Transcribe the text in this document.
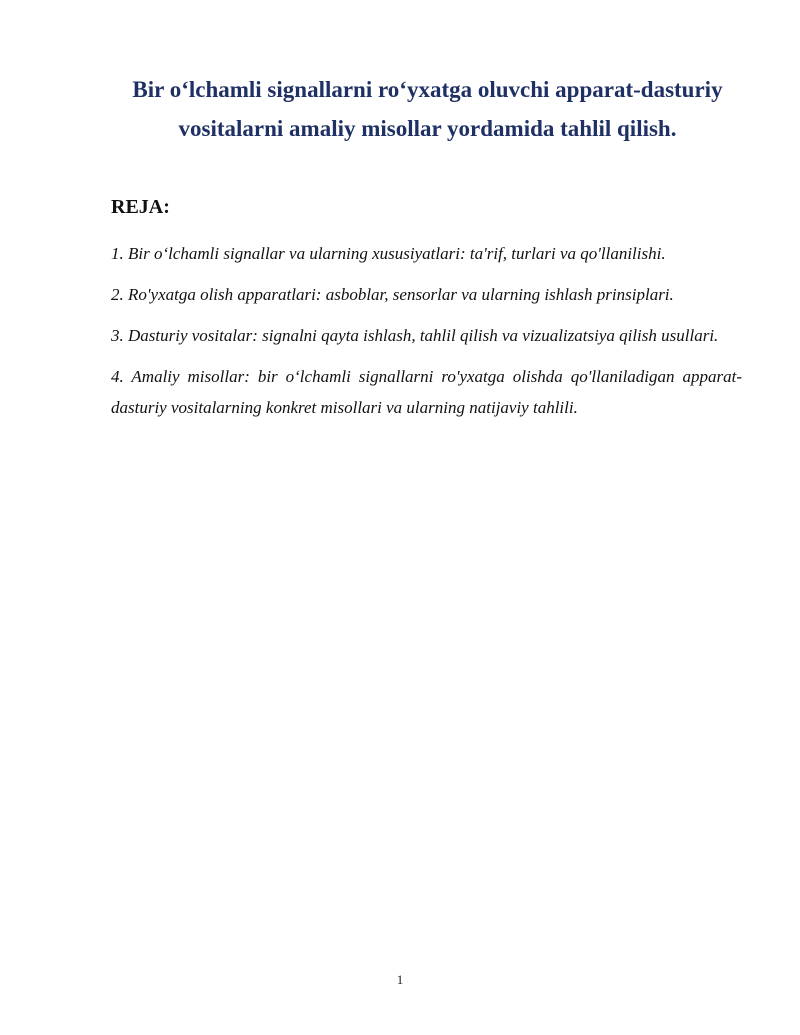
Bir o‘lchamli signallarni ro‘yxatga oluvchi apparat-dasturiy
vositalarni amaliy misollar yordamida tahlil qilish.
REJA:
1. Bir o‘lchamli signallar va ularning xususiyatlari: ta'rif, turlari va qo'llanilishi.
2. Ro'yxatga olish apparatlari: asboblar, sensorlar va ularning ishlash prinsiplari.
3. Dasturiy vositalar: signalni qayta ishlash, tahlil qilish va vizualizatsiya qilish usullari.
4. Amaliy misollar: bir o‘lchamli signallarni ro'yxatga olishda qo'llaniladigan apparat-dasturiy vositalarning konkret misollari va ularning natijaviy tahlili.
1
